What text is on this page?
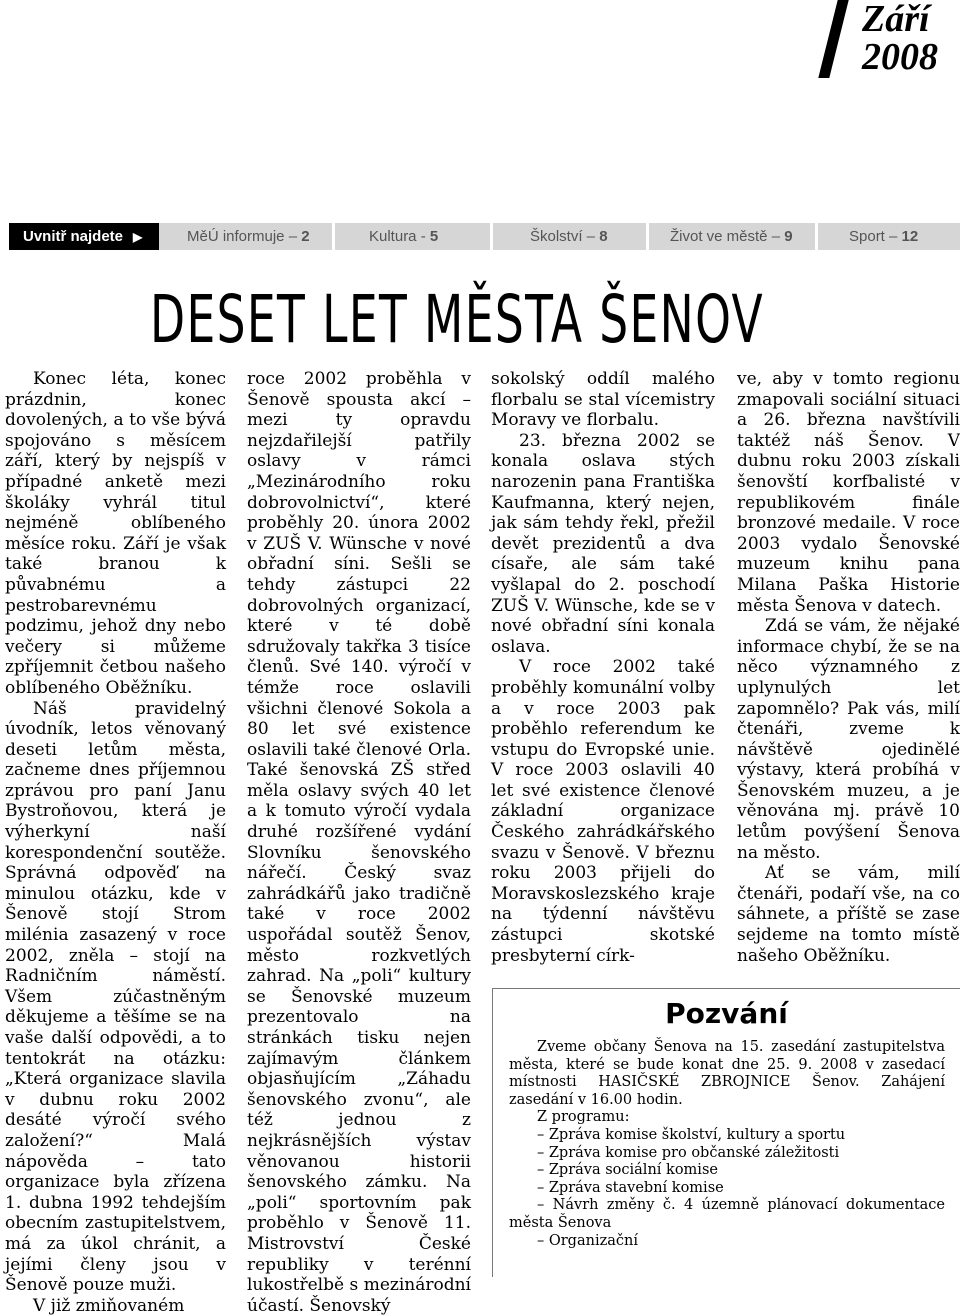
Září
2008
Uvnitř najdete ▶	MěÚ informuje – 2	Kultura - 5	Školství – 8	Život ve městě – 9	Sport – 12
DESET LET MĚSTA ŠENOV

Konec léta, konec prázdnin, konec dovolených, a to vše bývá spojováno s měsícem září, který by nejspíš v případné anketě mezi školáky vyhrál titul nejméně oblíbeného měsíce roku. Září je však také branou k půvabnému a pestrobarevnému podzimu, jehož dny nebo večery si můžeme zpříjemnit četbou našeho oblíbeného Oběžníku.

Náš pravidelný úvodník, letos věnovaný deseti letům města, začneme dnes příjemnou zprávou pro paní Janu Bystroňovou, která je výherkyní naší korespondenční soutěže. Správná odpověď na minulou otázku, kde v Šenově stojí Strom milénia zasazený v roce 2002, zněla – stojí na Radničním náměstí. Všem zúčastněným děkujeme a těšíme se na vaše další odpovědi, a to tentokrát na otázku: „Která organizace slavila v dubnu roku 2002 desáté výročí svého založení?“ Malá nápověda – tato organizace byla zřízena 1. dubna 1992 tehdejším obecním zastupitelstvem, má za úkol chránit, a jejími členy jsou v Šenově pouze muži.

V již zmiňovaném

roce 2002 proběhla v Šenově spousta akcí – mezi ty opravdu nejzdařilejší patřily oslavy v rámci „Mezinárodního roku dobrovolnictví“, které proběhly 20. února 2002 v ZUŠ V. Wünsche v nové obřadní síni. Sešli se tehdy zástupci 22 dobrovolných organizací, které v té době sdružovaly takřka 3 tisíce členů. Své 140. výročí v témže roce oslavili všichni členové Sokola a 80 let své existence oslavili také členové Orla. Také šenovská ZŠ střed měla oslavy svých 40 let a k tomuto výročí vydala druhé rozšířené vydání Slovníku šenovského nářečí. Český svaz zahrádkářů jako tradičně také v roce 2002 uspořádal soutěž Šenov, město rozkvetlých zahrad. Na „poli“ kultury se Šenovské muzeum prezentovalo na stránkách tisku nejen zajímavým článkem objasňujícím „Záhadu šenovského zvonu“, ale též jednou z nejkrásnějších výstav věnovanou historii šenovského zámku. Na „poli“ sportovním pak proběhlo v Šenově 11. Mistrovství České republiky v terénní lukostřelbě s mezinárodní účastí. Šenovský

sokolský oddíl malého florbalu se stal vícemistry Moravy ve florbalu.

23. března 2002 se konala oslava stých narozenin pana Františka Kaufmanna, který nejen, jak sám tehdy řekl, přežil devět prezidentů a dva císaře, ale sám také vyšlapal do 2. poschodí ZUŠ V. Wünsche, kde se v nové obřadní síni konala oslava.

V roce 2002 také proběhly komunální volby a v roce 2003 pak proběhlo referendum ke vstupu do Evropské unie. V roce 2003 oslavili 40 let své existence členové základní organizace Českého zahrádkářského svazu v Šenově. V březnu roku 2003 přijeli do Moravskoslezského kraje na týdenní návštěvu zástupci skotské presbyterní círk-

ve, aby v tomto regionu zmapovali sociální situaci a 26. března navštívili taktéž náš Šenov. V dubnu roku 2003 získali šenovští korfbalisté v republikovém finále bronzové medaile. V roce 2003 vydalo Šenovské muzeum knihu pana Milana Paška Historie města Šenova v datech.

Zdá se vám, že nějaké informace chybí, že se na něco významného z uplynulých let zapomnělo? Pak vás, milí čtenáři, zveme k návštěvě ojedinělé výstavy, která probíhá v Šenovském muzeu, a je věnována mj. právě 10 letům povýšení Šenova na město.

Ať se vám, milí čtenáři, podaří vše, na co sáhnete, a příště se zase sejdeme na tomto místě našeho Oběžníku.

Pozvání

Zveme občany Šenova na 15. zasedání zastupitelstva města, které se bude konat dne 25. 9. 2008 v zasedací místnosti HASIČSKÉ ZBROJNICE Šenov. Zahájení zasedání v 16.00 hodin.

Z programu:

– Zpráva komise školství, kultury a sportu

– Zpráva komise pro občanské záležitosti

– Zpráva sociální komise

– Zpráva stavební komise

– Návrh změny č. 4 územně plánovací dokumentace města Šenova

– Organizační
